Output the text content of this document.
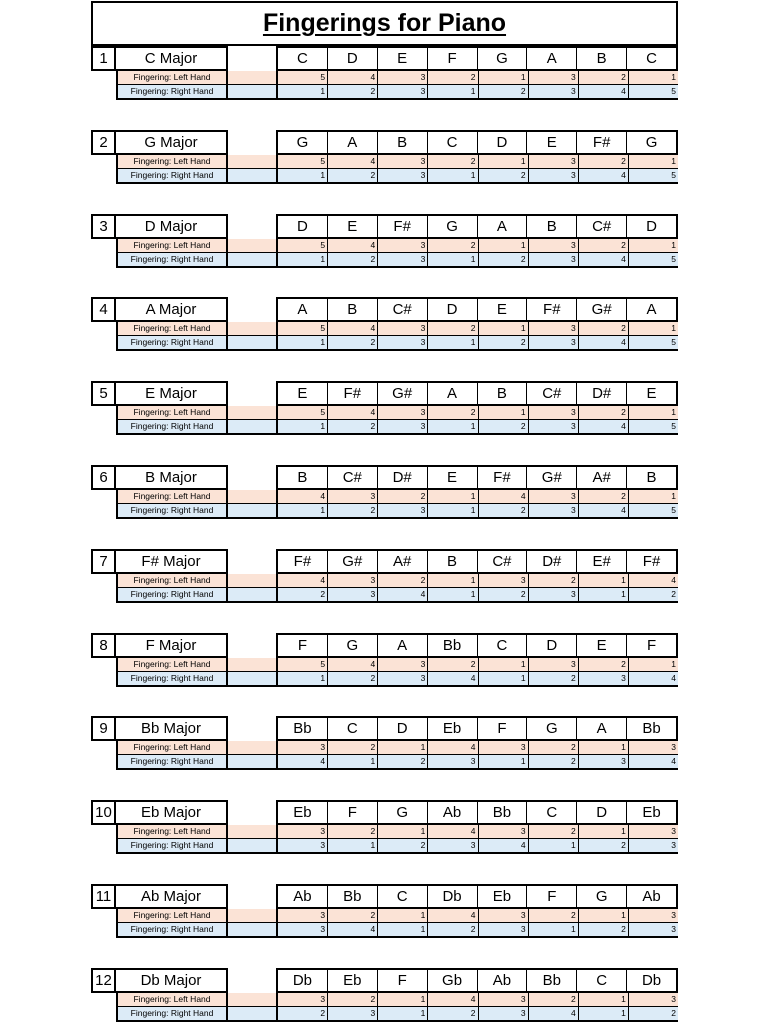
Fingerings for Piano
1	C Major	C	D	E	F	G	A	B	C
Fingering: Left Hand	5	4	3	2	1	3	2	1
Fingering: Right Hand	1	2	3	1	2	3	4	5
2	G Major	G	A	B	C	D	E	F#	G
Fingering: Left Hand	5	4	3	2	1	3	2	1
Fingering: Right Hand	1	2	3	1	2	3	4	5
3	D Major	D	E	F#	G	A	B	C#	D
Fingering: Left Hand	5	4	3	2	1	3	2	1
Fingering: Right Hand	1	2	3	1	2	3	4	5
4	A Major	A	B	C#	D	E	F#	G#	A
Fingering: Left Hand	5	4	3	2	1	3	2	1
Fingering: Right Hand	1	2	3	1	2	3	4	5
5	E Major	E	F#	G#	A	B	C#	D#	E
Fingering: Left Hand	5	4	3	2	1	3	2	1
Fingering: Right Hand	1	2	3	1	2	3	4	5
6	B Major	B	C#	D#	E	F#	G#	A#	B
Fingering: Left Hand	4	3	2	1	4	3	2	1
Fingering: Right Hand	1	2	3	1	2	3	4	5
7	F# Major	F#	G#	A#	B	C#	D#	E#	F#
Fingering: Left Hand	4	3	2	1	3	2	1	4
Fingering: Right Hand	2	3	4	1	2	3	1	2
8	F Major	F	G	A	Bb	C	D	E	F
Fingering: Left Hand	5	4	3	2	1	3	2	1
Fingering: Right Hand	1	2	3	4	1	2	3	4
9	Bb Major	Bb	C	D	Eb	F	G	A	Bb
Fingering: Left Hand	3	2	1	4	3	2	1	3
Fingering: Right Hand	4	1	2	3	1	2	3	4
10	Eb Major	Eb	F	G	Ab	Bb	C	D	Eb
Fingering: Left Hand	3	2	1	4	3	2	1	3
Fingering: Right Hand	3	1	2	3	4	1	2	3
11	Ab Major	Ab	Bb	C	Db	Eb	F	G	Ab
Fingering: Left Hand	3	2	1	4	3	2	1	3
Fingering: Right Hand	3	4	1	2	3	1	2	3
12	Db Major	Db	Eb	F	Gb	Ab	Bb	C	Db
Fingering: Left Hand	3	2	1	4	3	2	1	3
Fingering: Right Hand	2	3	1	2	3	4	1	2
